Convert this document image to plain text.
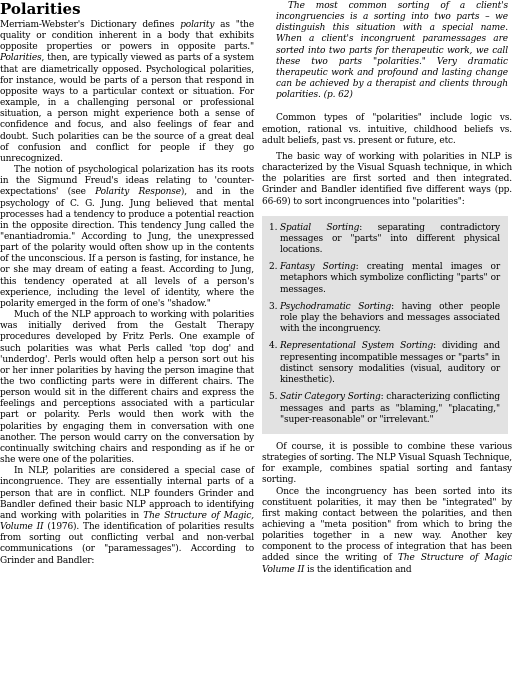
Polarities

Merriam-Webster's Dictionary defines polarity as "the quality or condition inherent in a body that exhibits opposite properties or powers in opposite parts." Polarities, then, are typically viewed as parts of a system that are diametrically opposed. Psychological polarities, for instance, would be parts of a person that respond in opposite ways to a particular context or situation. For example, in a challenging personal or professional situation, a person might experience both a sense of confidence and focus, and also feelings of fear and doubt. Such polarities can be the source of a great deal of confusion and conflict for people if they go unrecognized.

The notion of psychological polarization has its roots in the Sigmund Freud's ideas relating to 'counter-expectations' (see Polarity Response), and in the psychology of C. G. Jung. Jung believed that mental processes had a tendency to produce a potential reaction in the opposite direction. This tendency Jung called the "enantiadromia." According to Jung, the unexpressed part of the polarity would often show up in the contents of the unconscious. If a person is fasting, for instance, he or she may dream of eating a feast. According to Jung, this tendency operated at all levels of a person's experience, including the level of identity, where the polarity emerged in the form of one's "shadow."

Much of the NLP approach to working with polarities was initially derived from the Gestalt Therapy procedures developed by Fritz Perls. One example of such polarities was what Perls called 'top dog' and 'underdog'. Perls would often help a person sort out his or her inner polarities by having the person imagine that the two conflicting parts were in different chairs. The person would sit in the different chairs and express the feelings and perceptions associated with a particular part or polarity. Perls would then work with the polarities by engaging them in conversation with one another. The person would carry on the conversation by continually switching chairs and responding as if he or she were one of the polarities.

In NLP, polarities are considered a special case of incongruence. They are essentially internal parts of a person that are in conflict. NLP founders Grinder and Bandler defined their basic NLP approach to identifying and working with polarities in The Structure of Magic, Volume II (1976). The identification of polarities results from sorting out conflicting verbal and non-verbal communications (or "paramessages"). According to Grinder and Bandler:

The most common sorting of a client's incongruencies is a sorting into two parts – we distinguish this situation with a special name. When a client's incongruent paramessages are sorted into two parts for therapeutic work, we call these two parts "polarities." Very dramatic therapeutic work and profound and lasting change can be achieved by a therapist and clients through polarities. (p. 62)

Common types of "polarities" include logic vs. emotion, rational vs. intuitive, childhood beliefs vs. adult beliefs, past vs. present or future, etc.

The basic way of working with polarities in NLP is characterized by the Visual Squash technique, in which the polarities are first sorted and then integrated. Grinder and Bandler identified five different ways (pp. 66-69) to sort incongruences into "polarities":

1. Spatial Sorting: separating contradictory messages or "parts" into different physical locations.
2. Fantasy Sorting: creating mental images or metaphors which symbolize conflicting "parts" or messages.
3. Psychodramatic Sorting: having other people role play the behaviors and messages associated with the incongruency.
4. Representational System Sorting: dividing and representing incompatible messages or "parts" in distinct sensory modalities (visual, auditory or kinesthetic).
5. Satir Category Sorting: characterizing conflicting messages and parts as "blaming," "placating," "super-reasonable" or "irrelevant."

Of course, it is possible to combine these various strategies of sorting. The NLP Visual Squash Technique, for example, combines spatial sorting and fantasy sorting.

Once the incongruency has been sorted into its constituent polarities, it may then be "integrated" by first making contact between the polarities, and then achieving a "meta position" from which to bring the polarities together in a new way. Another key component to the process of integration that has been added since the writing of The Structure of Magic Volume II is the identification and
